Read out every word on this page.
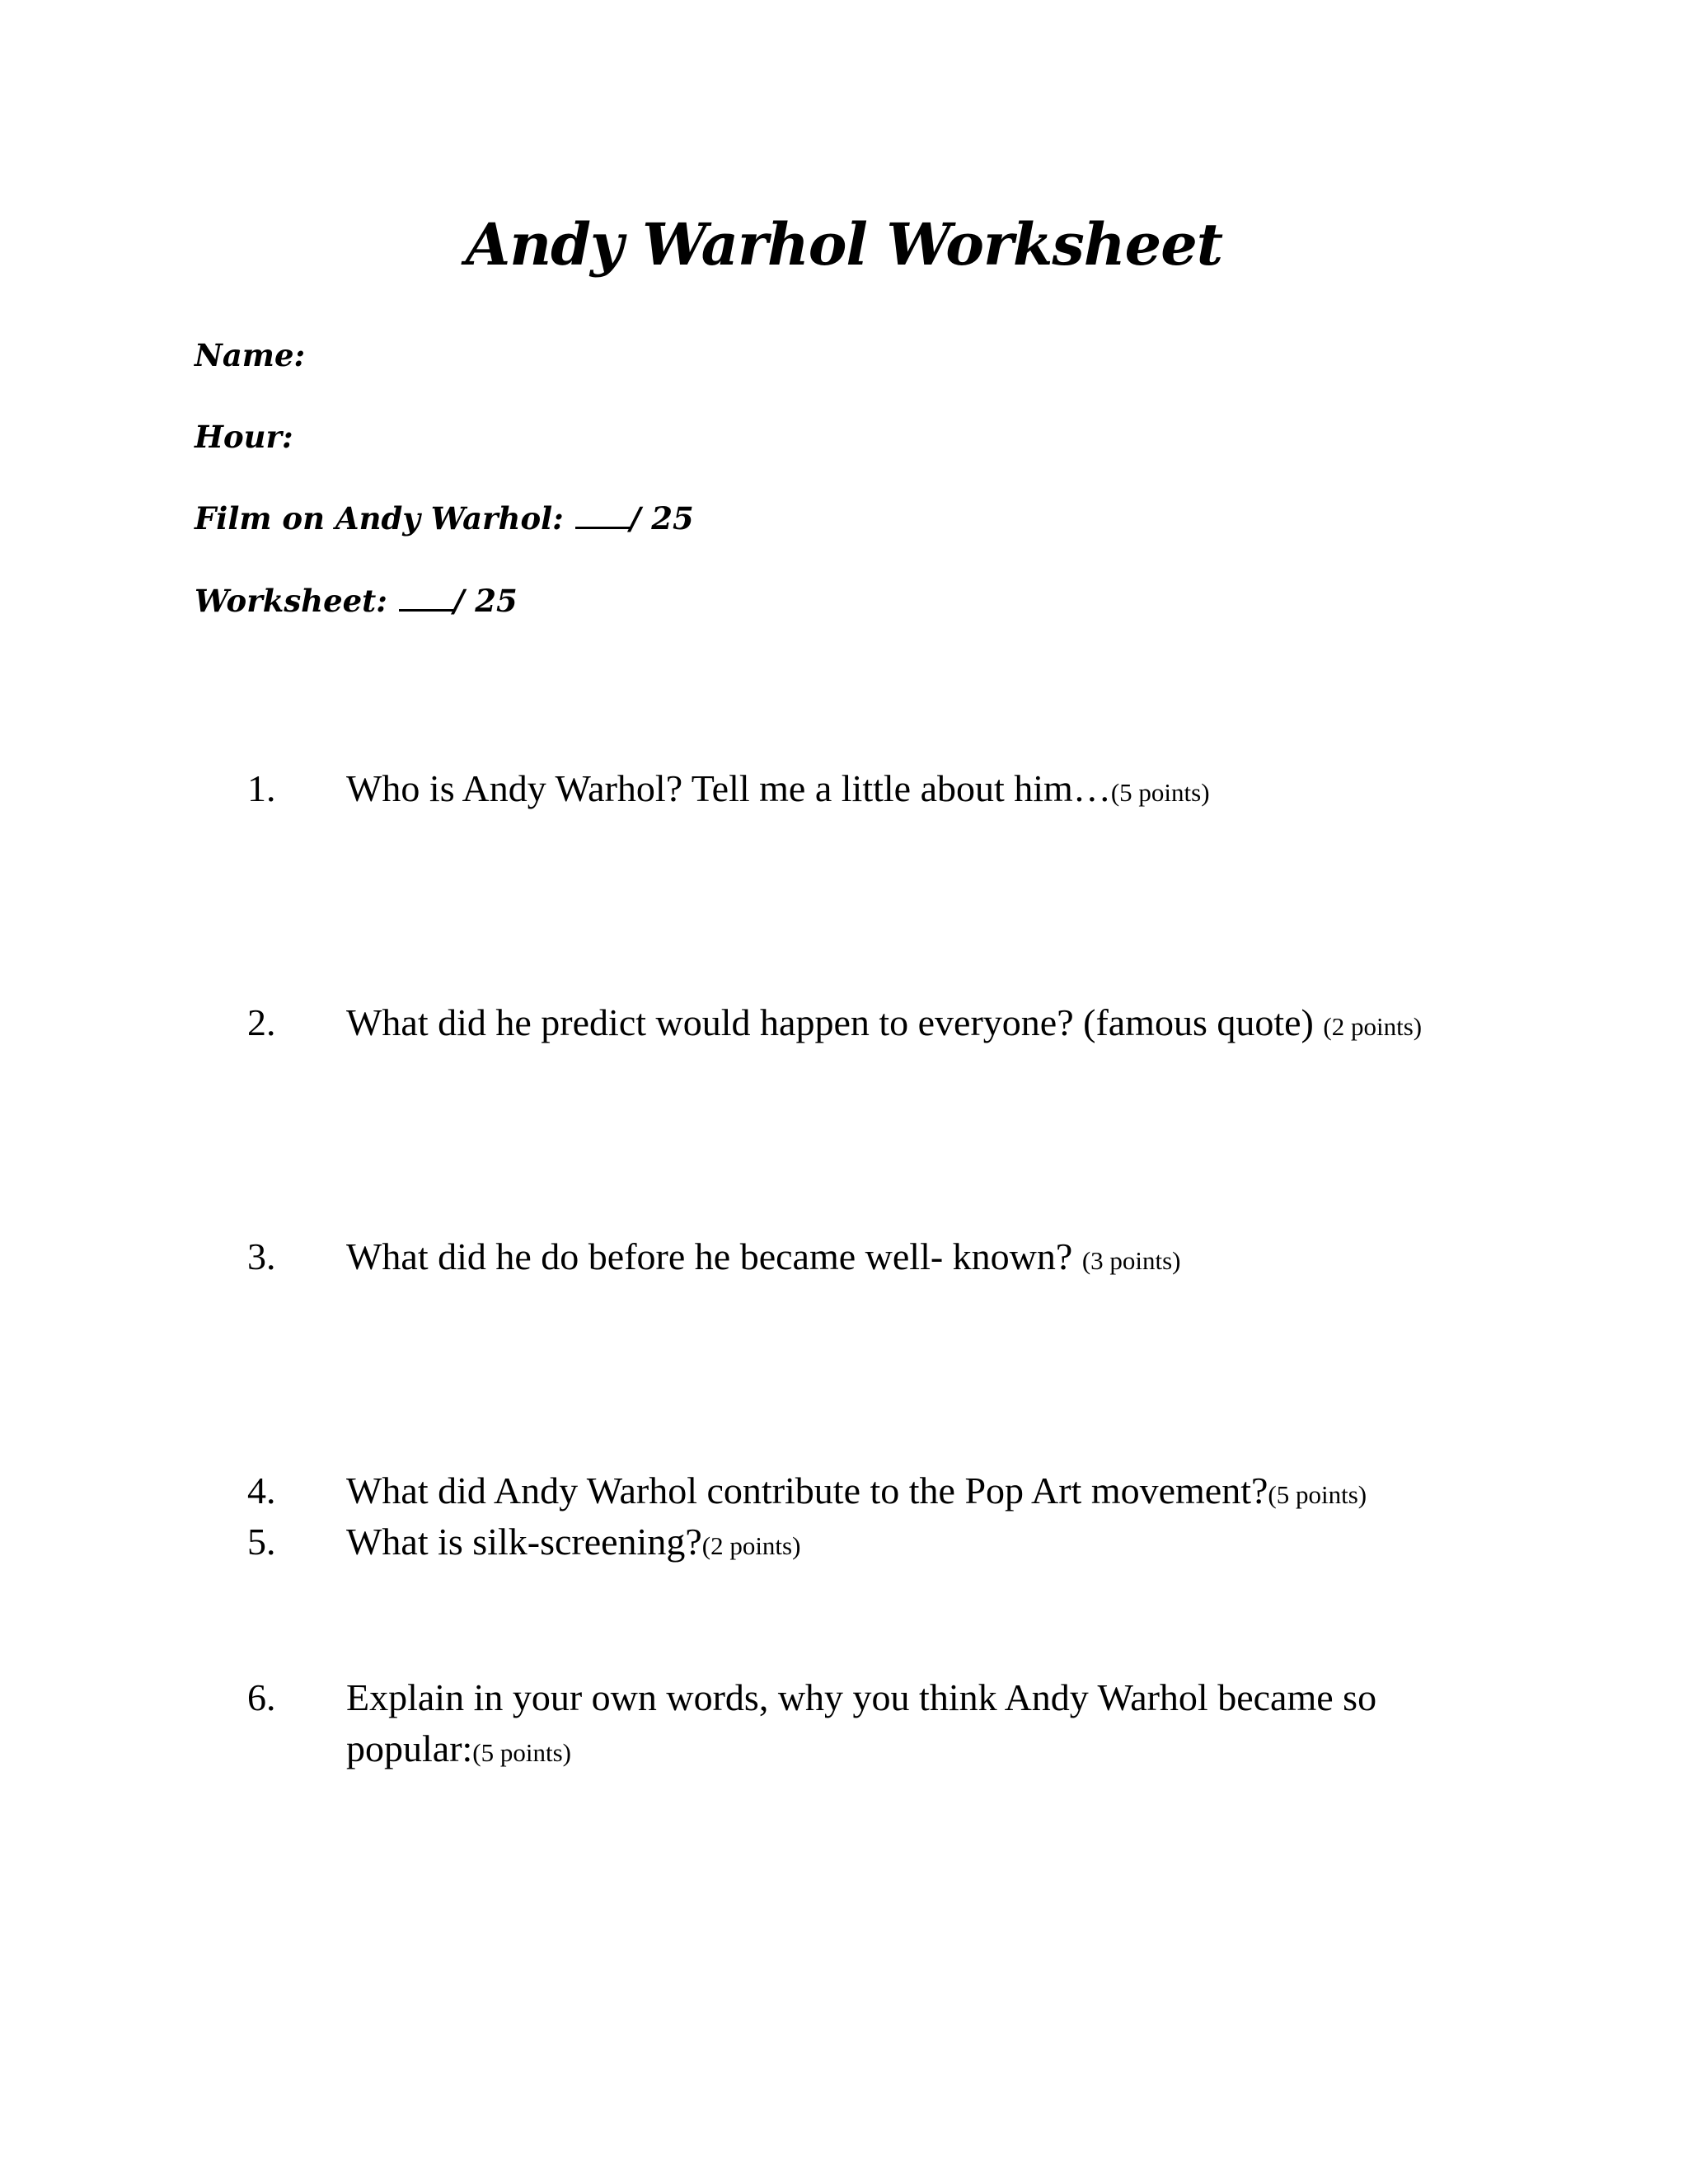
Andy Warhol Worksheet
Name:
Hour:
Film on Andy Warhol: / 25
Worksheet: / 25
1. Who is Andy Warhol? Tell me a little about him…(5 points)
2. What did he predict would happen to everyone? (famous quote) (2 points)
3. What did he do before he became well- known? (3 points)
4. What did Andy Warhol contribute to the Pop Art movement?(5 points)
5. What is silk-screening?(2 points)
6. Explain in your own words, why you think Andy Warhol became so popular:(5 points)
